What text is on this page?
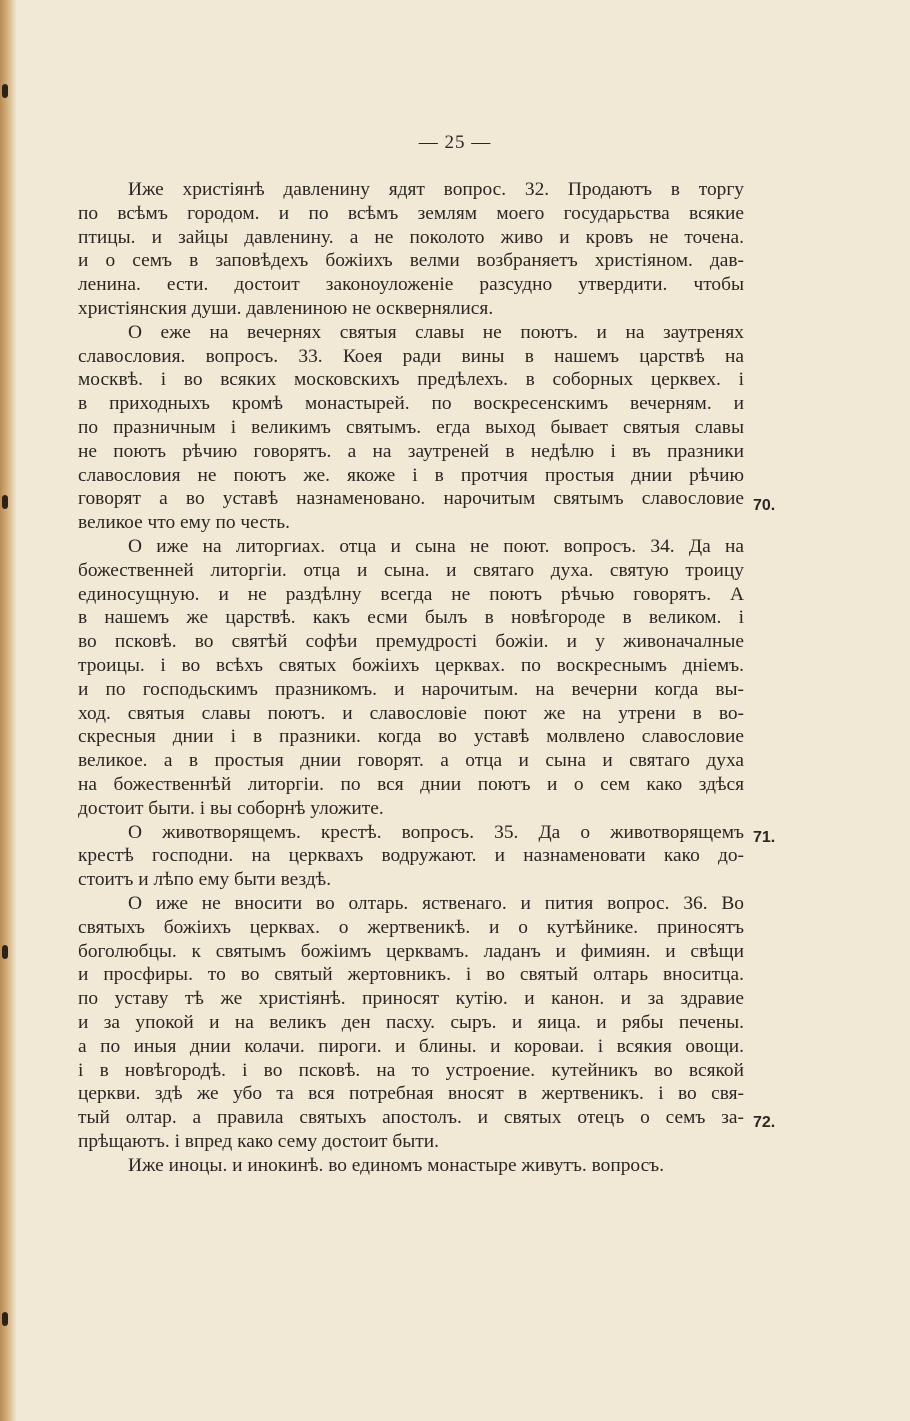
— 25 —
Иже христiянѣ давленину ядят вопрос. 32. Продаютъ в торгу
по всѣмъ городом. и по всѣмъ землям моего государьства всякие
птицы. и зайцы давленину. а не поколото живо и кровъ не точена.
и о семъ в заповѣдехъ божiихъ велми возбраняетъ христiяном. дав-
ленина. ести. достоит законоуложенiе разсудно утвердити. чтобы
христiянския души. давлениною не осквернялися.
О еже на вечернях святыя славы не поютъ. и на заутренях
славословия. вопросъ. 33. Коея ради вины в нашемъ царствѣ на
москвѣ. i во всяких московскихъ предѣлехъ. в соборных церквех. i
в приходныхъ кромѣ монастырей. по воскресенскимъ вечерням. и
по празничным i великимъ святымъ. егда выход бывает святыя славы
не поютъ рѣчию говорятъ. а на заутреней в недѣлю i въ празники
славословия не поютъ же. якоже i в протчия простыя днии рѣчию
говорят а во уставѣ назнаменовано. нарочитым святымъ славословие
великое что ему по честь.
О иже на литоргиах. отца и сына не поют. вопросъ. 34. Да на
божественней литоргiи. отца и сына. и святаго духа. святую троицу
единосущную. и не раздѣлну всегда не поютъ рѣчью говорятъ. А
в нашемъ же царствѣ. какъ есми былъ в новѣгороде в великом. i
во псковѣ. во святѣй софѣи премудростi божiи. и у живоначалные
троицы. i во всѣхъ святых божiихъ церквах. по воскреснымъ днiемъ.
и по господьскимъ празникомъ. и нарочитым. на вечерни когда вы-
ход. святыя славы поютъ. и славословiе поют же на утрени в во-
скресныя днии i в празники. когда во уставѣ молвлено славословие
великое. а в простыя днии говорят. а отца и сына и святаго духа
на божественнѣй литоргiи. по вся днии поютъ и о сем како здѣся
достоит быти. i вы соборнѣ уложите.
О животворящемъ. крестѣ. вопросъ. 35. Да о животворящемъ
крестѣ господни. на церквахъ водружают. и назнаменовати како до-
стоитъ и лѣпо ему быти вездѣ.
О иже не вносити во олтарь. яственаго. и пития вопрос. 36. Во
святыхъ божiихъ церквах. о жертвеникѣ. и о кутѣйнике. приносятъ
боголюбцы. к святымъ божiимъ церквамъ. ладанъ и фимиян. и свѣщи
и просфиры. то во святый жертовникъ. i во святый олтарь вноситца.
по уставу тѣ же христiянѣ. приносят кутiю. и канон. и за здравие
и за упокой и на великъ ден пасху. сыръ. и яица. и рябы печены.
а по иныя днии колачи. пироги. и блины. и короваи. i всякия овощи.
i в новѣгородѣ. i во псковѣ. на то устроение. кутейникъ во всякой
церкви. здѣ же убо та вся потребная вносят в жертвеникъ. i во свя-
тый олтар. а правила святыхъ апостолъ. и святых отецъ о семъ за-
прѣщаютъ. i впред како сему достоит быти.
Иже иноцы. и инокинѣ. во единомъ монастыре живутъ. вопросъ.
70.
71.
72.
